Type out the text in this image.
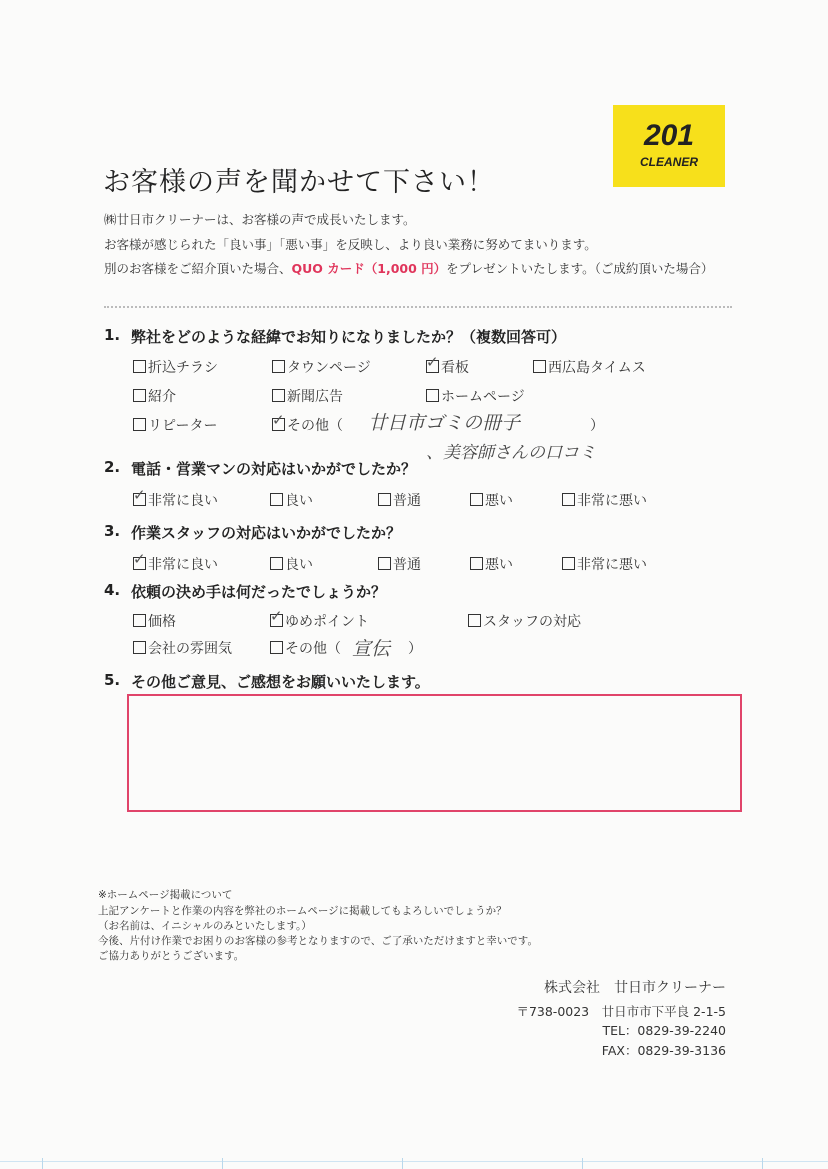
201
CLEANER
お客様の声を聞かせて下さい！
㈱廿日市クリーナーは、お客様の声で成長いたします。
お客様が感じられた「良い事」「悪い事」を反映し、より良い業務に努めてまいります。
別のお客様をご紹介頂いた場合、QUO カード（1,000 円）をプレゼントいたします。（ご成約頂いた場合）
1. 弊社をどのような経緯でお知りになりましたか？（複数回答可）
折込チラシ	タウンページ	✓ 看板	西広島タイムス
紹介	新聞広告	ホームページ
リピーター	✓ その他（ 廿日市ゴミの冊子	）
、美容師さんの口コミ
2. 電話・営業マンの対応はいかがでしたか？
✓ 非常に良い	良い	普通	悪い	非常に悪い
3. 作業スタッフの対応はいかがでしたか？
✓ 非常に良い	良い	普通	悪い	非常に悪い
4. 依頼の決め手は何だったでしょうか？
価格	✓ ゆめポイント	スタッフの対応
会社の雰囲気	その他（ 宣伝 ）
5. その他ご意見、ご感想をお願いいたします。
※ホームページ掲載について
上記アンケートと作業の内容を弊社のホームページに掲載してもよろしいでしょうか？
（お名前は、イニシャルのみといたします。）
今後、片付け作業でお困りのお客様の参考となりますので、ご了承いただけますと幸いです。
ご協力ありがとうございます。
株式会社　廿日市クリーナー
〒738-0023　廿日市市下平良 2-1-5
TEL：0829-39-2240
FAX：0829-39-3136
